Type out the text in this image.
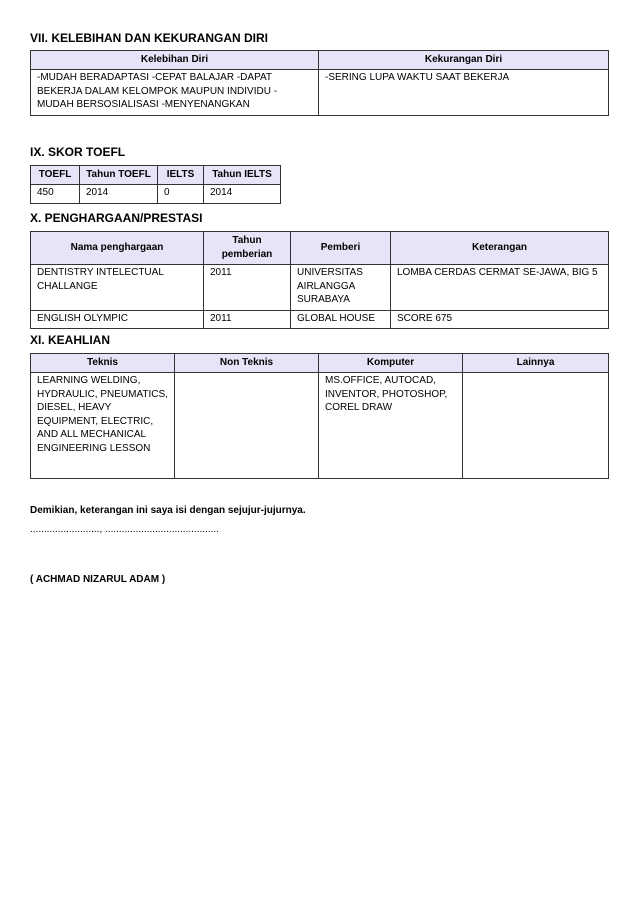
VII. KELEBIHAN DAN KEKURANGAN DIRI
Kelebihan Diri	Kekurangan Diri
-MUDAH BERADAPTASI -CEPAT BALAJAR -DAPAT BEKERJA DALAM KELOMPOK MAUPUN INDIVIDU -MUDAH BERSOSIALISASI -MENYENANGKAN	-SERING LUPA WAKTU SAAT BEKERJA
IX. SKOR TOEFL
TOEFL	Tahun TOEFL	IELTS	Tahun IELTS
450	2014	0	2014
X. PENGHARGAAN/PRESTASI
Nama penghargaan	Tahun pemberian	Pemberi	Keterangan
DENTISTRY INTELECTUAL CHALLANGE	2011	UNIVERSITAS AIRLANGGA SURABAYA	LOMBA CERDAS CERMAT SE-JAWA, BIG 5
ENGLISH OLYMPIC	2011	GLOBAL HOUSE	SCORE 675
XI. KEAHLIAN
Teknis	Non Teknis	Komputer	Lainnya
LEARNING WELDING, HYDRAULIC, PNEUMATICS, DIESEL, HEAVY EQUIPMENT, ELECTRIC, AND ALL MECHANICAL ENGINEERING LESSON		MS.OFFICE, AUTOCAD, INVENTOR, PHOTOSHOP, COREL DRAW	
Demikian, keterangan ini saya isi dengan sejujur-jujurnya.
........................., .........................................
( ACHMAD NIZARUL ADAM )
